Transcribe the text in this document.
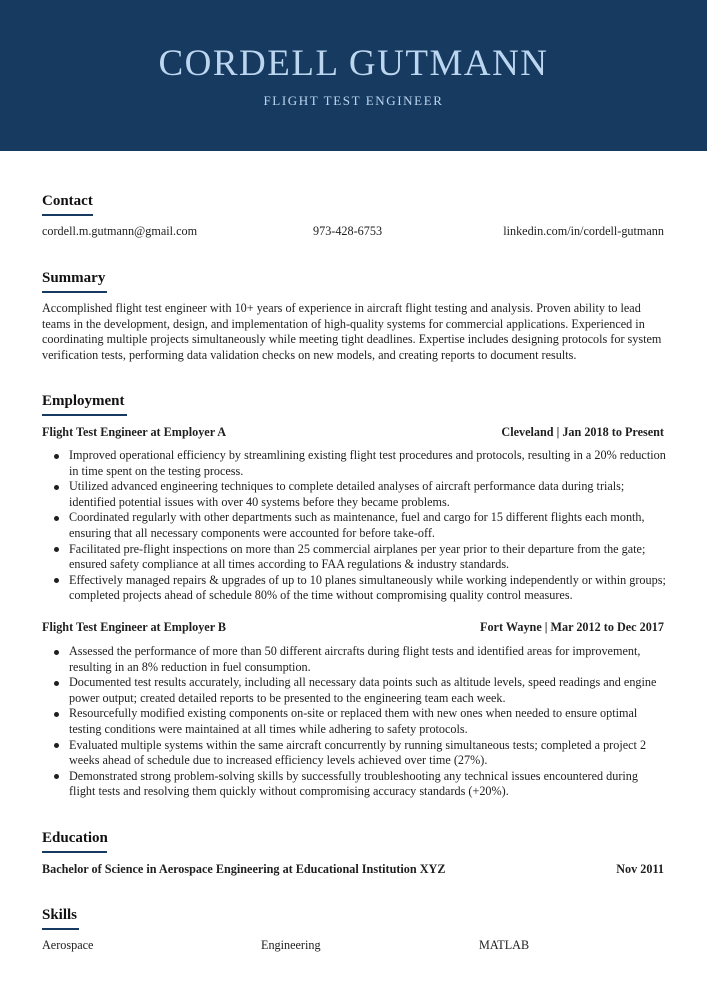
CORDELL GUTMANN
FLIGHT TEST ENGINEER
Contact
cordell.m.gutmann@gmail.com	973-428-6753	linkedin.com/in/cordell-gutmann
Summary
Accomplished flight test engineer with 10+ years of experience in aircraft flight testing and analysis. Proven ability to lead teams in the development, design, and implementation of high-quality systems for commercial applications. Experienced in coordinating multiple projects simultaneously while meeting tight deadlines. Expertise includes designing protocols for system verification tests, performing data validation checks on new models, and creating reports to document results.
Employment
Flight Test Engineer at Employer A	Cleveland | Jan 2018 to Present
Improved operational efficiency by streamlining existing flight test procedures and protocols, resulting in a 20% reduction in time spent on the testing process.
Utilized advanced engineering techniques to complete detailed analyses of aircraft performance data during trials; identified potential issues with over 40 systems before they became problems.
Coordinated regularly with other departments such as maintenance, fuel and cargo for 15 different flights each month, ensuring that all necessary components were accounted for before take-off.
Facilitated pre-flight inspections on more than 25 commercial airplanes per year prior to their departure from the gate; ensured safety compliance at all times according to FAA regulations & industry standards.
Effectively managed repairs & upgrades of up to 10 planes simultaneously while working independently or within groups; completed projects ahead of schedule 80% of the time without compromising quality control measures.
Flight Test Engineer at Employer B	Fort Wayne | Mar 2012 to Dec 2017
Assessed the performance of more than 50 different aircrafts during flight tests and identified areas for improvement, resulting in an 8% reduction in fuel consumption.
Documented test results accurately, including all necessary data points such as altitude levels, speed readings and engine power output; created detailed reports to be presented to the engineering team each week.
Resourcefully modified existing components on-site or replaced them with new ones when needed to ensure optimal testing conditions were maintained at all times while adhering to safety protocols.
Evaluated multiple systems within the same aircraft concurrently by running simultaneous tests; completed a project 2 weeks ahead of schedule due to increased efficiency levels achieved over time (27%).
Demonstrated strong problem-solving skills by successfully troubleshooting any technical issues encountered during flight tests and resolving them quickly without compromising accuracy standards (+20%).
Education
Bachelor of Science in Aerospace Engineering at Educational Institution XYZ	Nov 2011
Skills
Aerospace	Engineering	MATLAB
